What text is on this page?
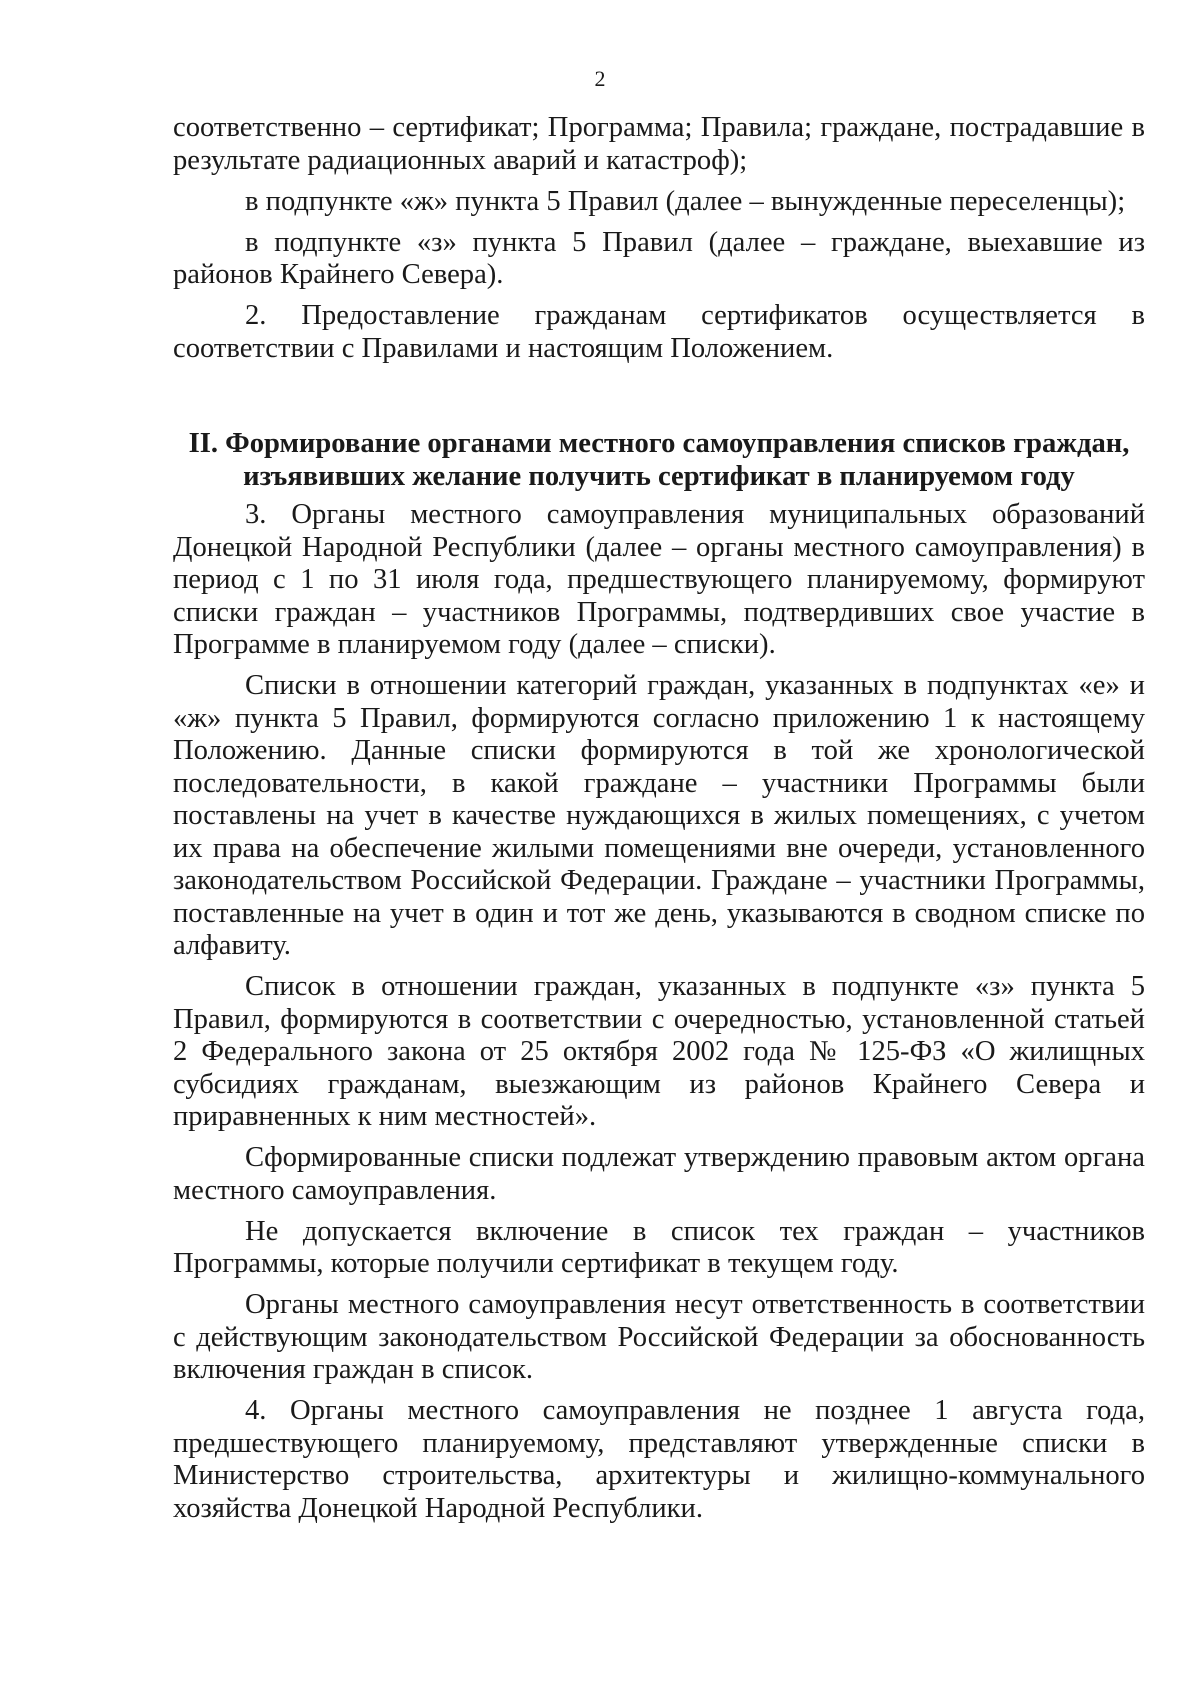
2

соответственно – сертификат; Программа; Правила; граждане, пострадавшие в результате радиационных аварий и катастроф);

в подпункте «ж» пункта 5 Правил (далее – вынужденные переселенцы);

в подпункте «з» пункта 5 Правил (далее – граждане, выехавшие из районов Крайнего Севера).

2. Предоставление гражданам сертификатов осуществляется в соответствии с Правилами и настоящим Положением.

II. Формирование органами местного самоуправления списков граждан,
изъявивших желание получить сертификат в планируемом году

3. Органы местного самоуправления муниципальных образований Донецкой Народной Республики (далее – органы местного самоуправления) в период с 1 по 31 июля года, предшествующего планируемому, формируют списки граждан – участников Программы, подтвердивших свое участие в Программе в планируемом году (далее – списки).

Списки в отношении категорий граждан, указанных в подпунктах «е» и «ж» пункта 5 Правил, формируются согласно приложению 1 к настоящему Положению. Данные списки формируются в той же хронологической последовательности, в какой граждане – участники Программы были поставлены на учет в качестве нуждающихся в жилых помещениях, с учетом их права на обеспечение жилыми помещениями вне очереди, установленного законодательством Российской Федерации. Граждане – участники Программы, поставленные на учет в один и тот же день, указываются в сводном списке по алфавиту.

Список в отношении граждан, указанных в подпункте «з» пункта 5 Правил, формируются в соответствии с очередностью, установленной статьей 2 Федерального закона от 25 октября 2002 года № 125-ФЗ «О жилищных субсидиях гражданам, выезжающим из районов Крайнего Севера и приравненных к ним местностей».

Сформированные списки подлежат утверждению правовым актом органа местного самоуправления.

Не допускается включение в список тех граждан – участников Программы, которые получили сертификат в текущем году.

Органы местного самоуправления несут ответственность в соответствии с действующим законодательством Российской Федерации за обоснованность включения граждан в список.

4. Органы местного самоуправления не позднее 1 августа года, предшествующего планируемому, представляют утвержденные списки в Министерство строительства, архитектуры и жилищно-коммунального хозяйства Донецкой Народной Республики.
